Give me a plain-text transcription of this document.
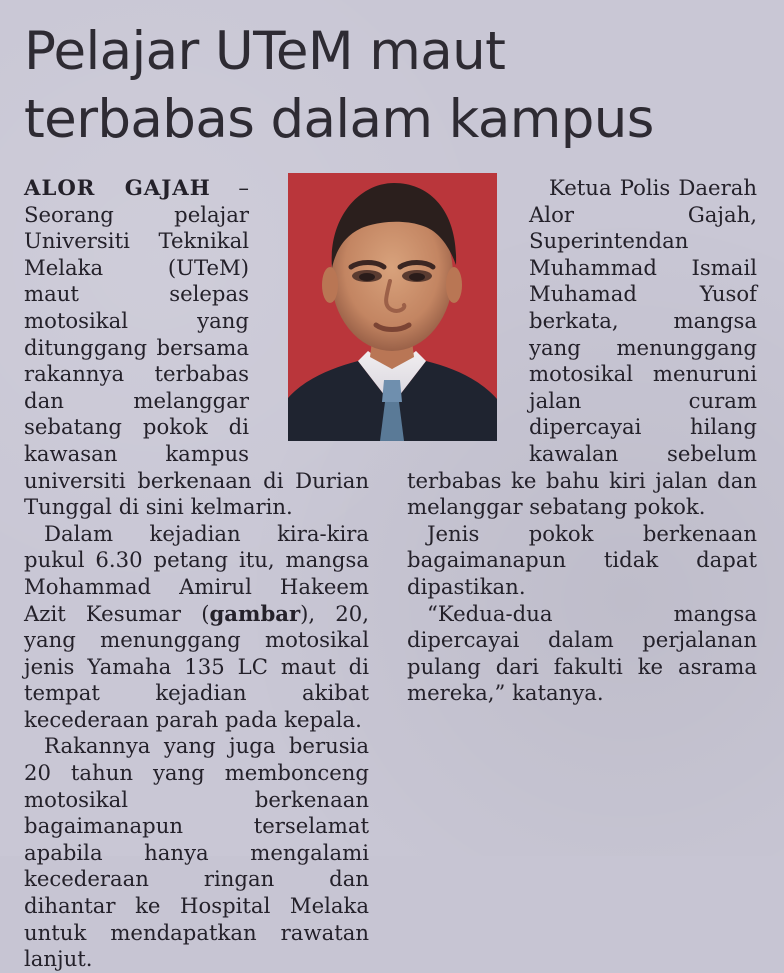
Pelajar UTeM maut
terbabas dalam kampus

ALOR GAJAH – Seorang pelajar Universiti Teknikal Melaka (UTeM) maut selepas motosikal yang ditunggang bersama rakannya terbabas dan melanggar sebatang pokok di kawasan kampus universiti berkenaan di Durian Tunggal di sini kelmarin.

Dalam kejadian kira-kira pukul 6.30 petang itu, mangsa Mohammad Amirul Hakeem Azit Kesumar (gambar), 20, yang menunggang motosikal jenis Yamaha 135 LC maut di tempat kejadian akibat kecederaan parah pada kepala.

Rakannya yang juga berusia 20 tahun yang membonceng motosikal berkenaan bagaimanapun terselamat apabila hanya mengalami kecederaan ringan dan dihantar ke Hospital Melaka untuk mendapatkan rawatan lanjut.

Ketua Polis Daerah Alor Gajah, Superintendan Muhammad Ismail Muhamad Yusof berkata, mangsa yang menunggang motosikal menuruni jalan curam dipercayai hilang kawalan sebelum terbabas ke bahu kiri jalan dan melanggar sebatang pokok.

Jenis pokok berkenaan bagaimanapun tidak dapat dipastikan.

“Kedua-dua mangsa dipercayai dalam perjalanan pulang dari fakulti ke asrama mereka,” katanya.
